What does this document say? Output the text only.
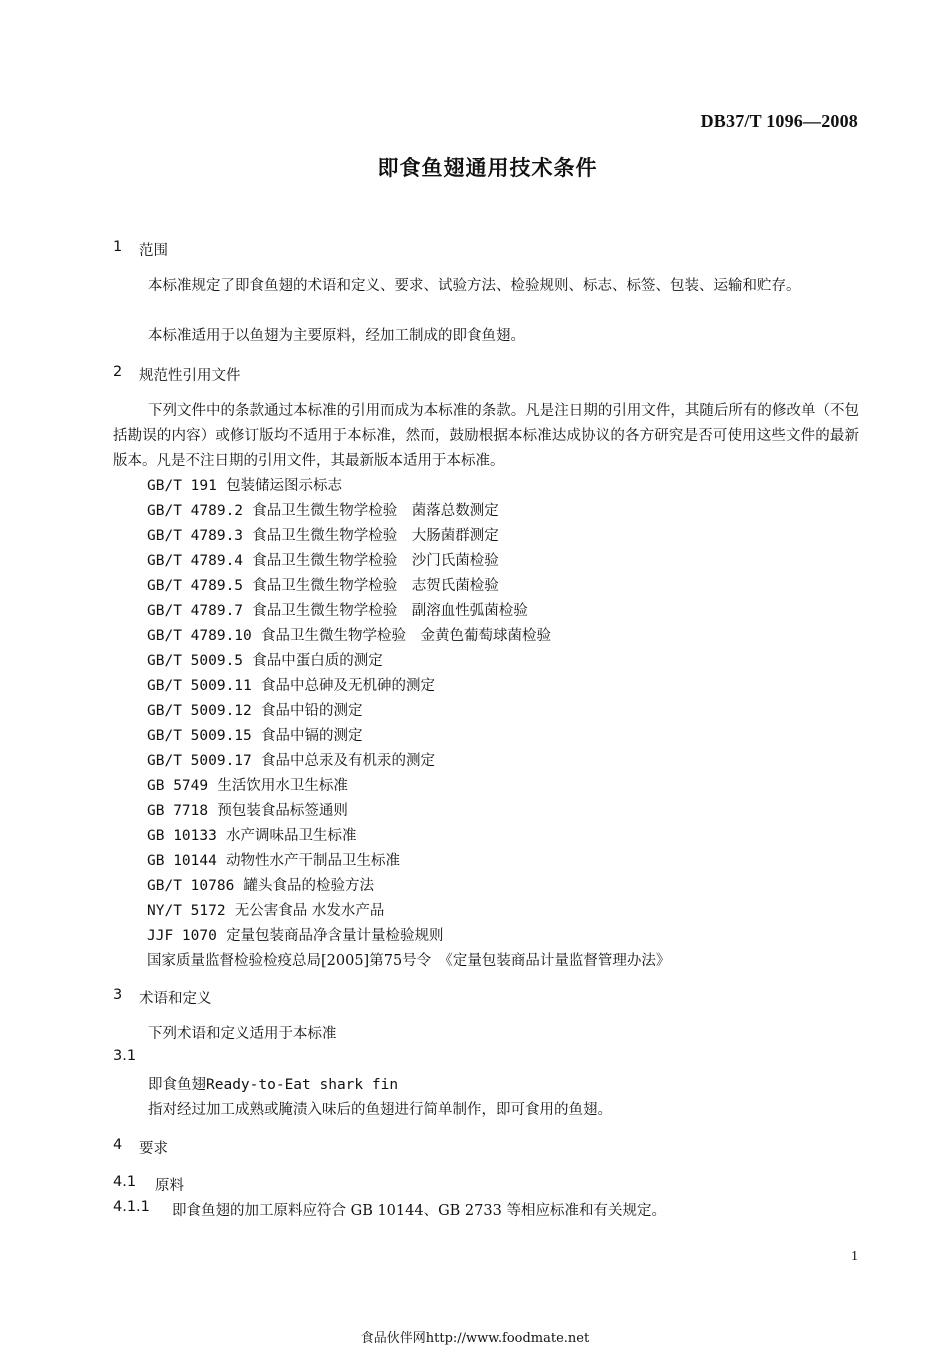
DB37/T 1096—2008
即食鱼翅通用技术条件
1 范围
本标准规定了即食鱼翅的术语和定义、要求、试验方法、检验规则、标志、标签、包装、运输和贮存。
本标准适用于以鱼翅为主要原料，经加工制成的即食鱼翅。
2 规范性引用文件
下列文件中的条款通过本标准的引用而成为本标准的条款。凡是注日期的引用文件，其随后所有的修改单（不包括勘误的内容）或修订版均不适用于本标准，然而，鼓励根据本标准达成协议的各方研究是否可使用这些文件的最新版本。凡是不注日期的引用文件，其最新版本适用于本标准。
GB/T 191 包装储运图示标志
GB/T 4789.2 食品卫生微生物学检验　菌落总数测定
GB/T 4789.3 食品卫生微生物学检验　大肠菌群测定
GB/T 4789.4 食品卫生微生物学检验　沙门氏菌检验
GB/T 4789.5 食品卫生微生物学检验　志贺氏菌检验
GB/T 4789.7 食品卫生微生物学检验　副溶血性弧菌检验
GB/T 4789.10 食品卫生微生物学检验　金黄色葡萄球菌检验
GB/T 5009.5 食品中蛋白质的测定
GB/T 5009.11 食品中总砷及无机砷的测定
GB/T 5009.12 食品中铅的测定
GB/T 5009.15 食品中镉的测定
GB/T 5009.17 食品中总汞及有机汞的测定
GB 5749 生活饮用水卫生标准
GB 7718 预包装食品标签通则
GB 10133 水产调味品卫生标准
GB 10144 动物性水产干制品卫生标准
GB/T 10786 罐头食品的检验方法
NY/T 5172 无公害食品 水发水产品
JJF 1070 定量包装商品净含量计量检验规则
国家质量监督检验检疫总局[2005]第75号令　《定量包装商品计量监督管理办法》
3 术语和定义
下列术语和定义适用于本标准
3.1
即食鱼翅Ready-to-Eat shark fin
指对经过加工成熟或腌渍入味后的鱼翅进行简单制作，即可食用的鱼翅。
4 要求
4.1 原料
4.1.1 即食鱼翅的加工原料应符合 GB 10144、GB 2733 等相应标准和有关规定。
1
食品伙伴网http://www.foodmate.net
